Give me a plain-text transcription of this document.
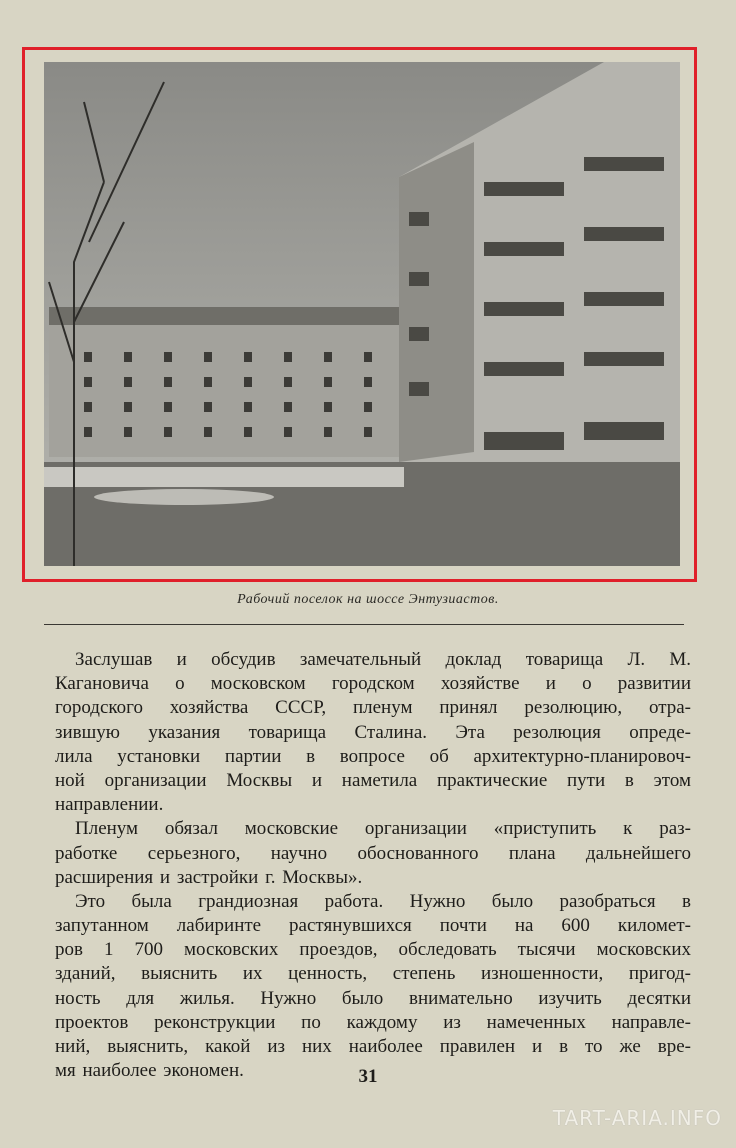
Рабочий поселок на шоссе Энтузиастов.
Заслушав и обсудив замечательный доклад товарища Л. М.
Кагановича о московском городском хозяйстве и о развитии
городского хозяйства СССР, пленум принял резолюцию, отра-
зившую указания товарища Сталина. Эта резолюция опреде-
лила установки партии в вопросе об архитектурно-планировоч-
ной организации Москвы и наметила практические пути в этом
направлении.
Пленум обязал московские организации «приступить к раз-
работке серьезного, научно обоснованного плана дальнейшего
расширения и застройки г. Москвы».
Это была грандиозная работа. Нужно было разобраться в
запутанном лабиринте растянувшихся почти на 600 километ-
ров 1 700 московских проездов, обследовать тысячи московских
зданий, выяснить их ценность, степень изношенности, пригод-
ность для жилья. Нужно было внимательно изучить десятки
проектов реконструкции по каждому из намеченных направле-
ний, выяснить, какой из них наиболее правилен и в то же вре-
мя наиболее экономен.	31
TART-ARIA.INFO
